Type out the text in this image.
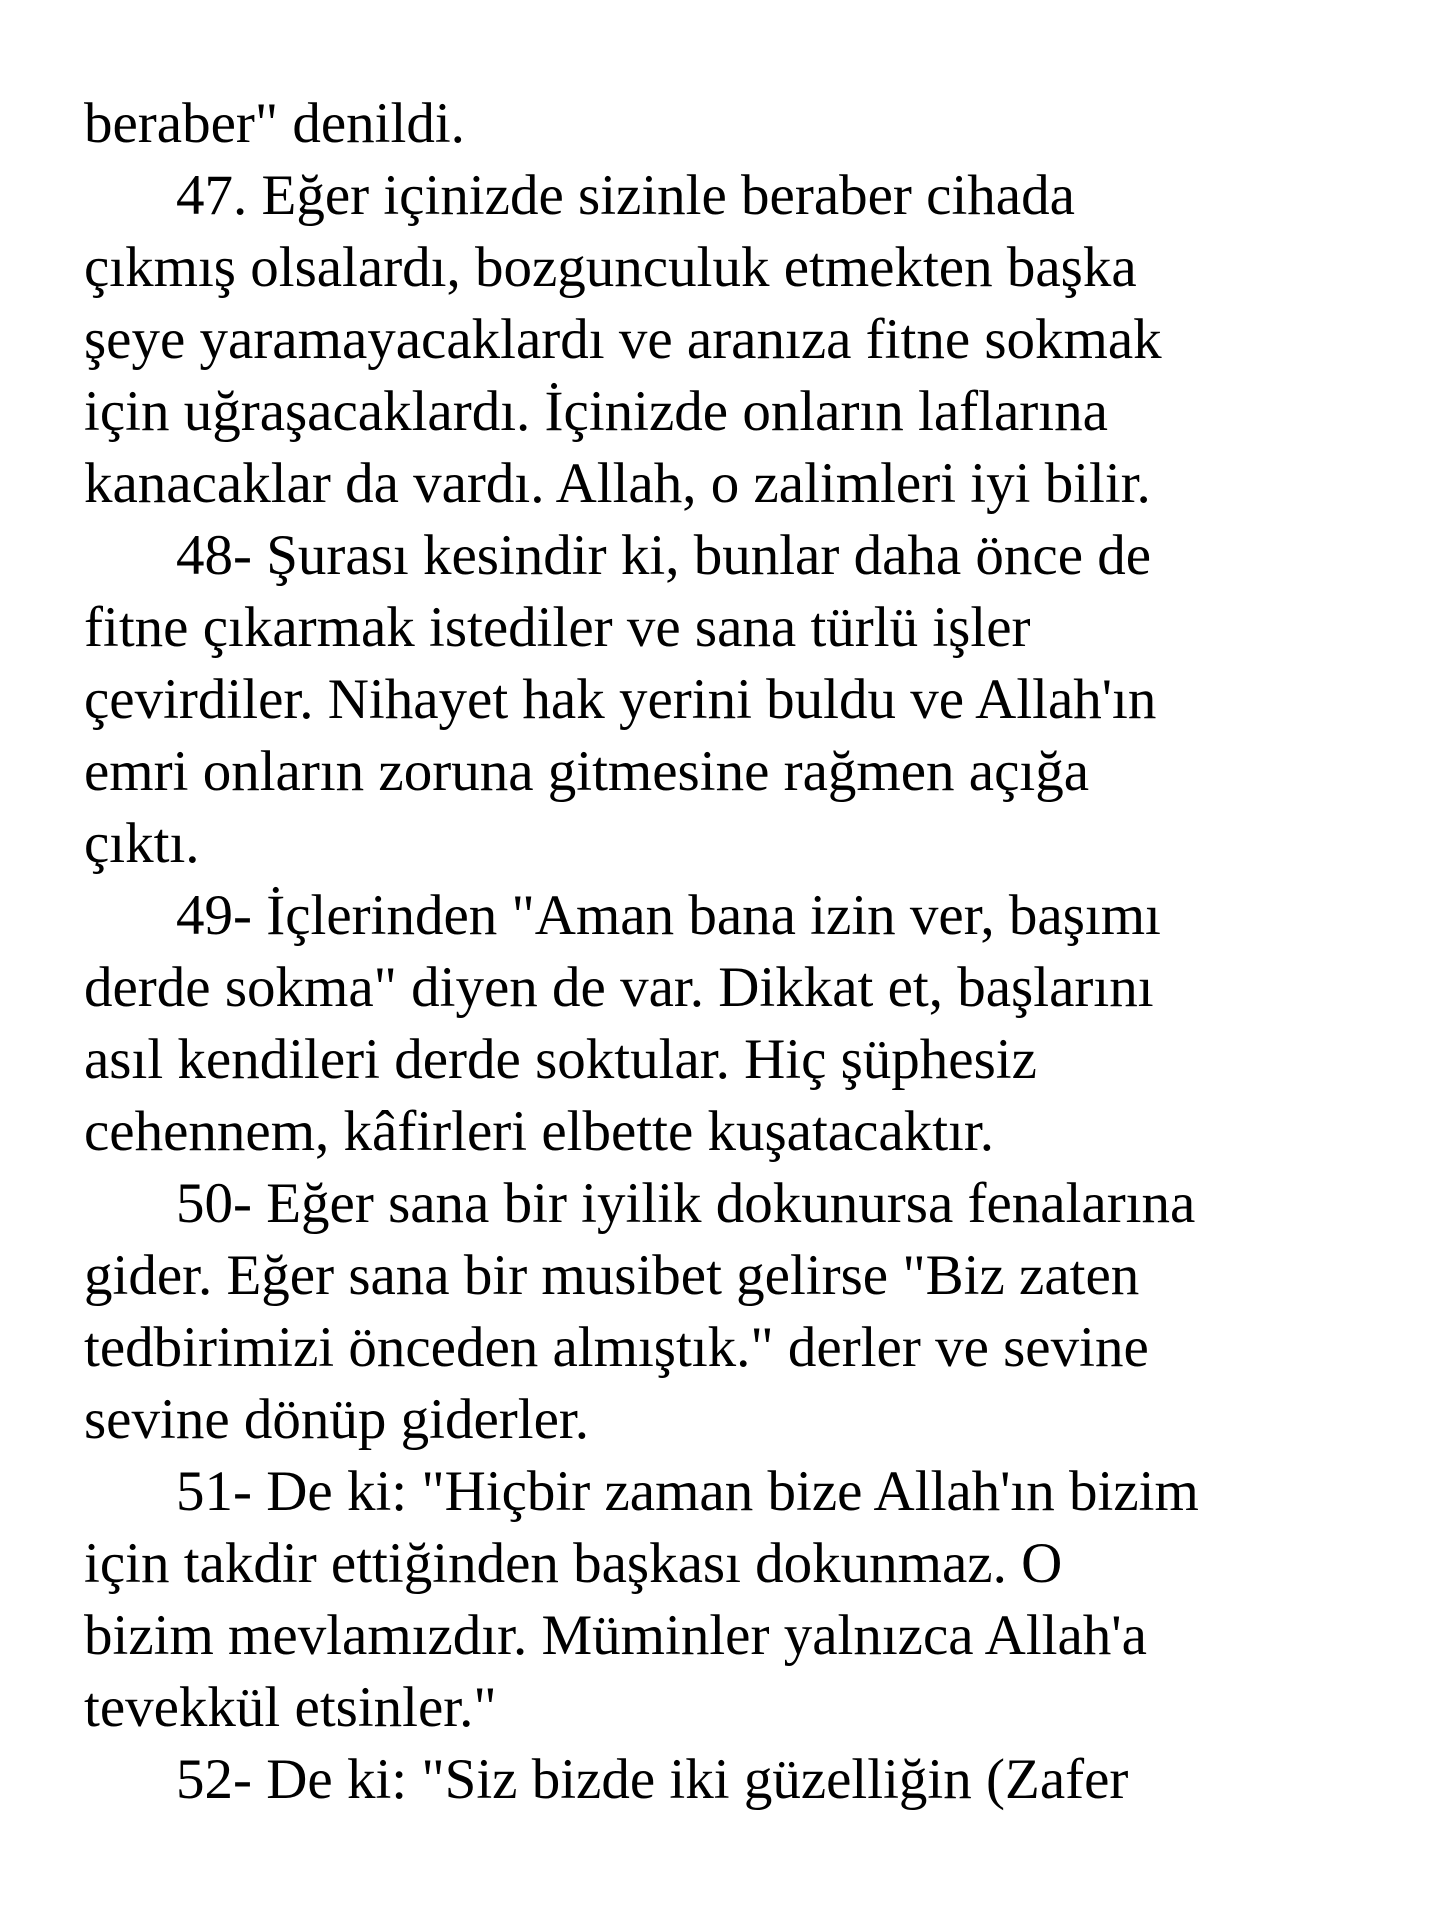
beraber" denildi.
47. Eğer içinizde sizinle beraber cihada
çıkmış olsalardı, bozgunculuk etmekten başka
şeye yaramayacaklardı ve aranıza fitne sokmak
için uğraşacaklardı. İçinizde onların laflarına
kanacaklar da vardı. Allah, o zalimleri iyi bilir.
48- Şurası kesindir ki, bunlar daha önce de
fitne çıkarmak istediler ve sana türlü işler
çevirdiler. Nihayet hak yerini buldu ve Allah'ın
emri onların zoruna gitmesine rağmen açığa
çıktı.
49- İçlerinden "Aman bana izin ver, başımı
derde sokma" diyen de var. Dikkat et, başlarını
asıl kendileri derde soktular. Hiç şüphesiz
cehennem, kâfirleri elbette kuşatacaktır.
50- Eğer sana bir iyilik dokunursa fenalarına
gider. Eğer sana bir musibet gelirse "Biz zaten
tedbirimizi önceden almıştık." derler ve sevine
sevine dönüp giderler.
51- De ki: "Hiçbir zaman bize Allah'ın bizim
için takdir ettiğinden başkası dokunmaz. O
bizim mevlamızdır. Müminler yalnızca Allah'a
tevekkül etsinler."
52- De ki: "Siz bizde iki güzelliğin (Zafer
